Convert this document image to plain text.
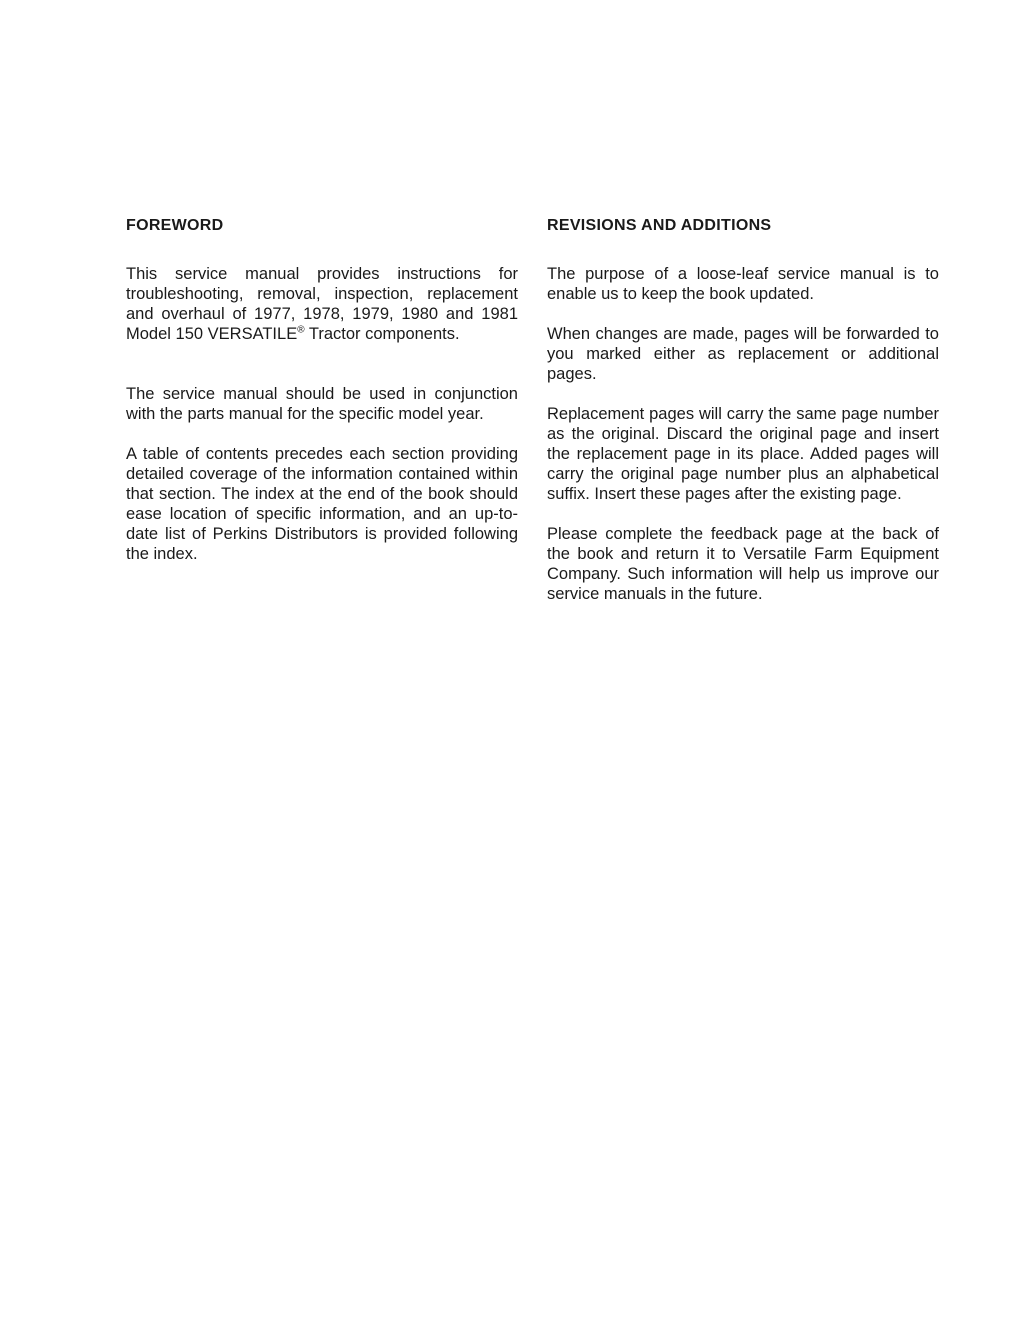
FOREWORD

This service manual provides instructions for troubleshooting, removal, inspection, replacement and overhaul of 1977, 1978, 1979, 1980 and 1981 Model 150 VERSATILE® Tractor components.

The service manual should be used in conjunction with the parts manual for the specific model year.

A table of contents precedes each section providing detailed coverage of the information contained within that section. The index at the end of the book should ease location of specific information, and an up-to-date list of Perkins Distributors is provided following the index.

REVISIONS AND ADDITIONS

The purpose of a loose-leaf service manual is to enable us to keep the book updated.

When changes are made, pages will be forwarded to you marked either as replacement or additional pages.

Replacement pages will carry the same page number as the original. Discard the original page and insert the replacement page in its place. Added pages will carry the original page number plus an alphabetical suffix. Insert these pages after the existing page.

Please complete the feedback page at the back of the book and return it to Versatile Farm Equipment Company. Such information will help us improve our service manuals in the future.
